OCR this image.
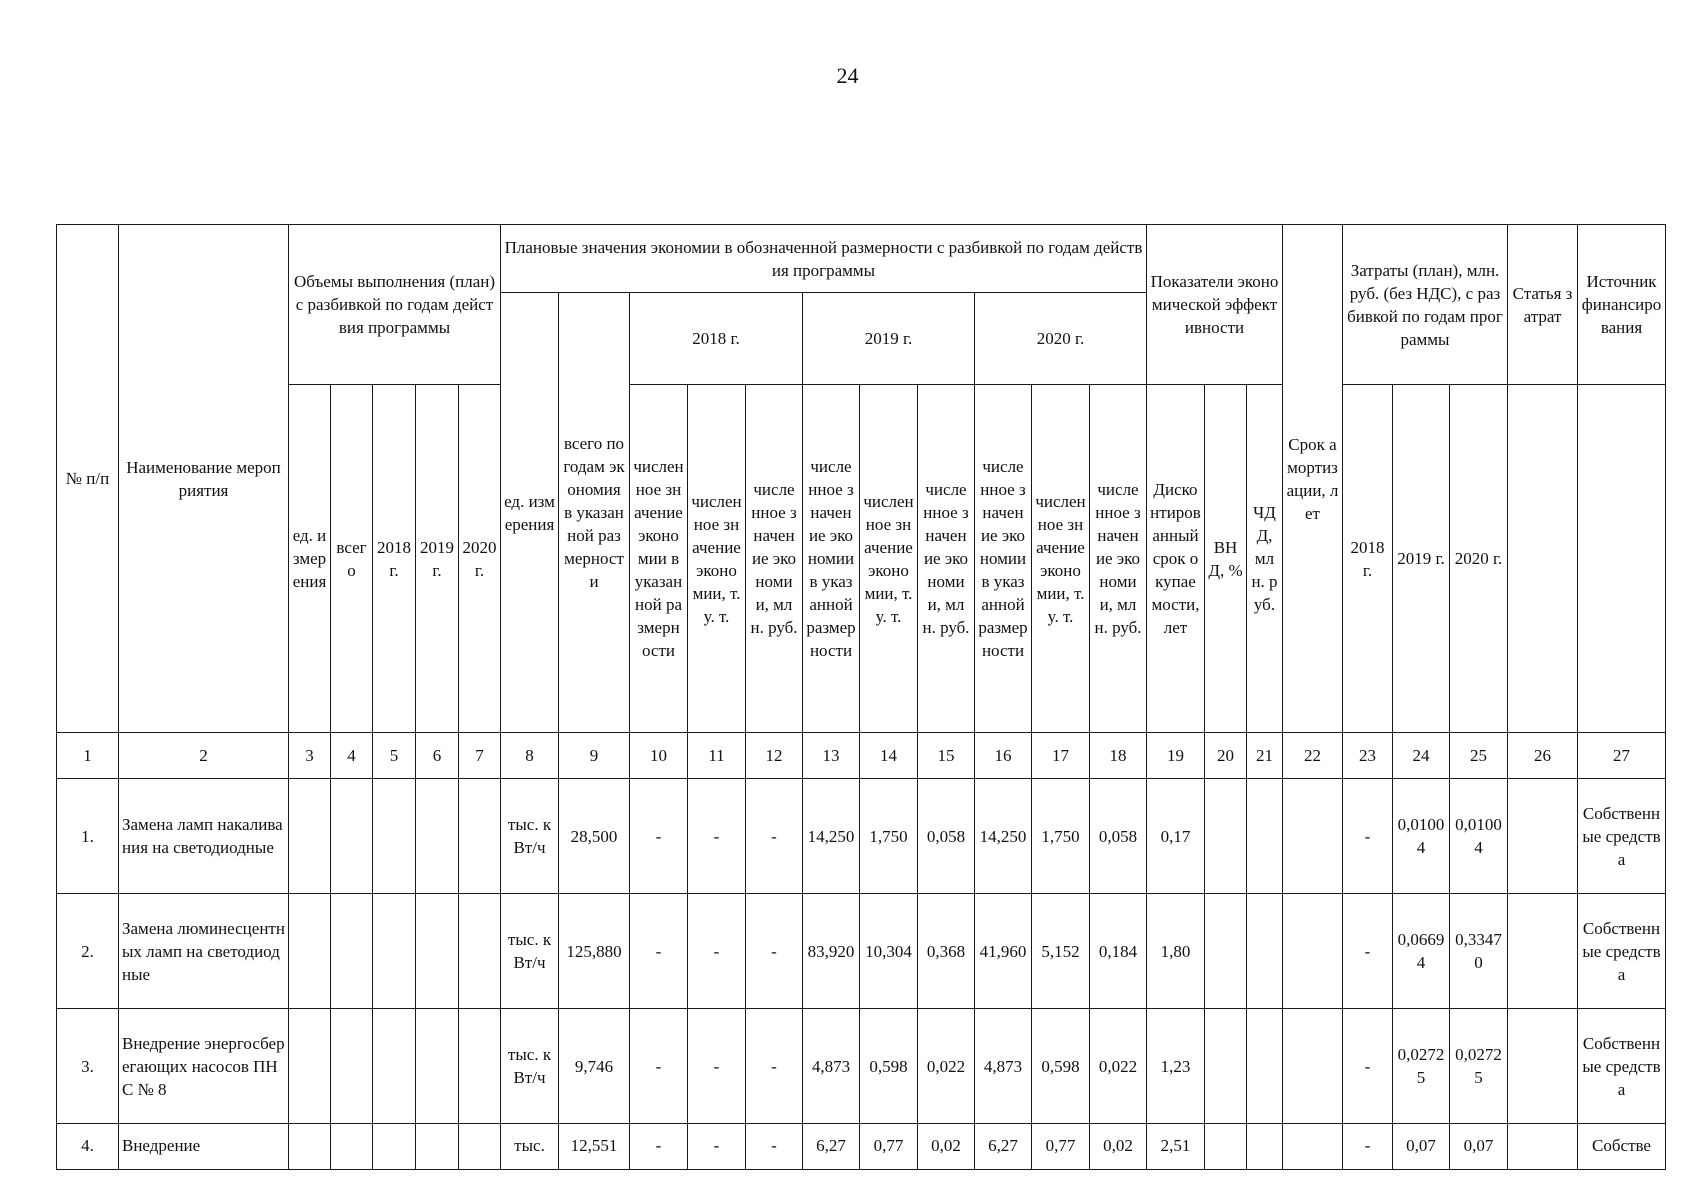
24
№ п/п	Наименование мероприятия	Объемы выполнения (план) с разбивкой по годам действия программы					Плановые значения экономии в обозначенной размерности с разбивкой по годам действия программы											Показатели экономической эффективности			Срок амортизации, лет	Затраты (план), млн. руб. (без НДС), с разбивкой по годам программы			Статья затрат	Источник финансирования
							ед. измерения	всего по годам экономия в указанной размерности	2018 г.			2019 г.			2020 г.											
		ед. измерения	всего	2018 г.	2019 г.	2020 г.			численное значение экономии в указанной размерности	численное значение экономии, т. у. т.	численное значение экономии, млн. руб.	численное значение экономии в указанной размерности	численное значение экономии, т. у. т.	численное значение экономии, млн. руб.	численное значение экономии в указанной размерности	численное значение экономии, т. у. т.	численное значение экономии, млн. руб.	Дисконтированный срок окупаемости, лет	ВНД, %	ЧДД, млн. руб.		2018 г.	2019 г.	2020 г.		
1	2	3	4	5	6	7	8	9	10	11	12	13	14	15	16	17	18	19	20	21	22	23	24	25	26	27
1.	Замена ламп накаливания на светодиодные						тыс. кВт/ч	28,500	-	-	-	14,250	1,750	0,058	14,250	1,750	0,058	0,17				-	0,01004	0,01004		Собственные средства
2.	Замена люминесцентных ламп на светодиодные						тыс. кВт/ч	125,880	-	-	-	83,920	10,304	0,368	41,960	5,152	0,184	1,80				-	0,06694	0,33470		Собственные средства
3.	Внедрение энергосберегающих насосов ПНС № 8						тыс. кВт/ч	9,746	-	-	-	4,873	0,598	0,022	4,873	0,598	0,022	1,23				-	0,02725	0,02725		Собственные средства
4.	Внедрение						тыс.	12,551	-	-	-	6,27	0,77	0,02	6,27	0,77	0,02	2,51				-	0,07	0,07		Собстве
